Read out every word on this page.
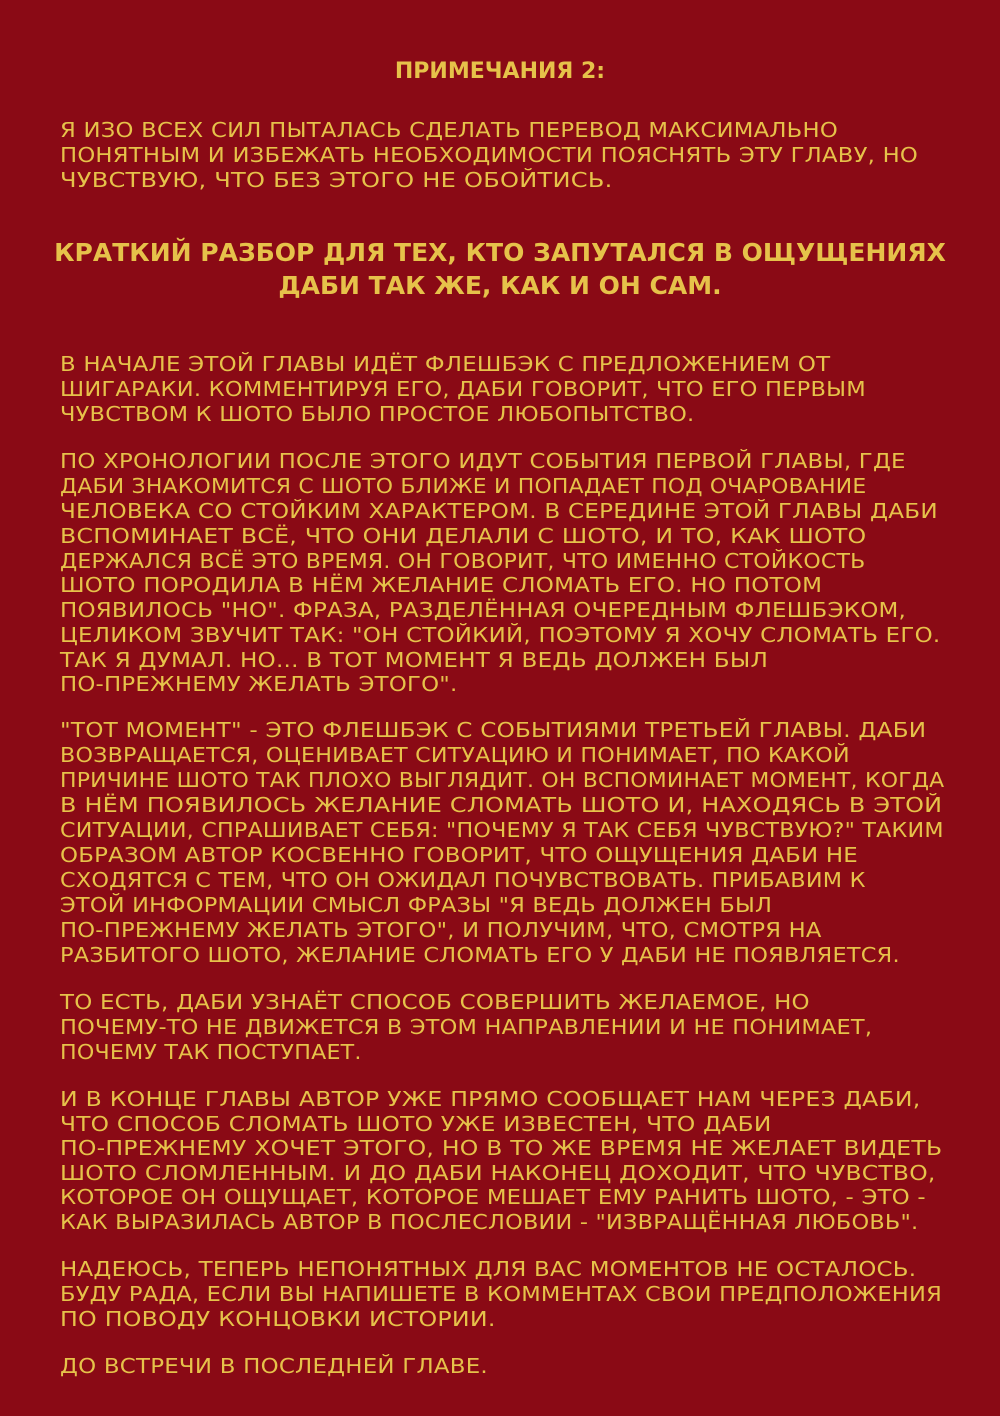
ПРИМЕЧАНИЯ 2:
Я ИЗО ВСЕХ СИЛ ПЫТАЛАСЬ СДЕЛАТЬ ПЕРЕВОД МАКСИМАЛЬНО
ПОНЯТНЫМ И ИЗБЕЖАТЬ НЕОБХОДИМОСТИ ПОЯСНЯТЬ ЭТУ ГЛАВУ, НО
ЧУВСТВУЮ, ЧТО БЕЗ ЭТОГО НЕ ОБОЙТИСЬ.
КРАТКИЙ РАЗБОР ДЛЯ ТЕХ, КТО ЗАПУТАЛСЯ В ОЩУЩЕНИЯХ
ДАБИ ТАК ЖЕ, КАК И ОН САМ.
В НАЧАЛЕ ЭТОЙ ГЛАВЫ ИДЁТ ФЛЕШБЭК С ПРЕДЛОЖЕНИЕМ ОТ
ШИГАРАКИ. КОММЕНТИРУЯ ЕГО, ДАБИ ГОВОРИТ, ЧТО ЕГО ПЕРВЫМ
ЧУВСТВОМ К ШОТО БЫЛО ПРОСТОЕ ЛЮБОПЫТСТВО.
ПО ХРОНОЛОГИИ ПОСЛЕ ЭТОГО ИДУТ СОБЫТИЯ ПЕРВОЙ ГЛАВЫ, ГДЕ
ДАБИ ЗНАКОМИТСЯ С ШОТО БЛИЖЕ И ПОПАДАЕТ ПОД ОЧАРОВАНИЕ
ЧЕЛОВЕКА СО СТОЙКИМ ХАРАКТЕРОМ. В СЕРЕДИНЕ ЭТОЙ ГЛАВЫ ДАБИ
ВСПОМИНАЕТ ВСЁ, ЧТО ОНИ ДЕЛАЛИ С ШОТО, И ТО, КАК ШОТО
ДЕРЖАЛСЯ ВСЁ ЭТО ВРЕМЯ. ОН ГОВОРИТ, ЧТО ИМЕННО СТОЙКОСТЬ
ШОТО ПОРОДИЛА В НЁМ ЖЕЛАНИЕ СЛОМАТЬ ЕГО. НО ПОТОМ
ПОЯВИЛОСЬ "НО". ФРАЗА, РАЗДЕЛЁННАЯ ОЧЕРЕДНЫМ ФЛЕШБЭКОМ,
ЦЕЛИКОМ ЗВУЧИТ ТАК: "ОН СТОЙКИЙ, ПОЭТОМУ Я ХОЧУ СЛОМАТЬ ЕГО.
ТАК Я ДУМАЛ. НО... В ТОТ МОМЕНТ Я ВЕДЬ ДОЛЖЕН БЫЛ
ПО-ПРЕЖНЕМУ ЖЕЛАТЬ ЭТОГО".
"ТОТ МОМЕНТ" - ЭТО ФЛЕШБЭК С СОБЫТИЯМИ ТРЕТЬЕЙ ГЛАВЫ. ДАБИ
ВОЗВРАЩАЕТСЯ, ОЦЕНИВАЕТ СИТУАЦИЮ И ПОНИМАЕТ, ПО КАКОЙ
ПРИЧИНЕ ШОТО ТАК ПЛОХО ВЫГЛЯДИТ. ОН ВСПОМИНАЕТ МОМЕНТ, КОГДА
В НЁМ ПОЯВИЛОСЬ ЖЕЛАНИЕ СЛОМАТЬ ШОТО И, НАХОДЯСЬ В ЭТОЙ
СИТУАЦИИ, СПРАШИВАЕТ СЕБЯ: "ПОЧЕМУ Я ТАК СЕБЯ ЧУВСТВУЮ?" ТАКИМ
ОБРАЗОМ АВТОР КОСВЕННО ГОВОРИТ, ЧТО ОЩУЩЕНИЯ ДАБИ НЕ
СХОДЯТСЯ С ТЕМ, ЧТО ОН ОЖИДАЛ ПОЧУВСТВОВАТЬ. ПРИБАВИМ К
ЭТОЙ ИНФОРМАЦИИ СМЫСЛ ФРАЗЫ "Я ВЕДЬ ДОЛЖЕН БЫЛ
ПО-ПРЕЖНЕМУ ЖЕЛАТЬ ЭТОГО", И ПОЛУЧИМ, ЧТО, СМОТРЯ НА
РАЗБИТОГО ШОТО, ЖЕЛАНИЕ СЛОМАТЬ ЕГО У ДАБИ НЕ ПОЯВЛЯЕТСЯ.
ТО ЕСТЬ, ДАБИ УЗНАЁТ СПОСОБ СОВЕРШИТЬ ЖЕЛАЕМОЕ, НО
ПОЧЕМУ-ТО НЕ ДВИЖЕТСЯ В ЭТОМ НАПРАВЛЕНИИ И НЕ ПОНИМАЕТ,
ПОЧЕМУ ТАК ПОСТУПАЕТ.
И В КОНЦЕ ГЛАВЫ АВТОР УЖЕ ПРЯМО СООБЩАЕТ НАМ ЧЕРЕЗ ДАБИ,
ЧТО СПОСОБ СЛОМАТЬ ШОТО УЖЕ ИЗВЕСТЕН, ЧТО ДАБИ
ПО-ПРЕЖНЕМУ ХОЧЕТ ЭТОГО, НО В ТО ЖЕ ВРЕМЯ НЕ ЖЕЛАЕТ ВИДЕТЬ
ШОТО СЛОМЛЕННЫМ. И ДО ДАБИ НАКОНЕЦ ДОХОДИТ, ЧТО ЧУВСТВО,
КОТОРОЕ ОН ОЩУЩАЕТ, КОТОРОЕ МЕШАЕТ ЕМУ РАНИТЬ ШОТО, - ЭТО -
КАК ВЫРАЗИЛАСЬ АВТОР В ПОСЛЕСЛОВИИ - "ИЗВРАЩЁННАЯ ЛЮБОВЬ".
НАДЕЮСЬ, ТЕПЕРЬ НЕПОНЯТНЫХ ДЛЯ ВАС МОМЕНТОВ НЕ ОСТАЛОСЬ.
БУДУ РАДА, ЕСЛИ ВЫ НАПИШЕТЕ В КОММЕНТАХ СВОИ ПРЕДПОЛОЖЕНИЯ
ПО ПОВОДУ КОНЦОВКИ ИСТОРИИ.
ДО ВСТРЕЧИ В ПОСЛЕДНЕЙ ГЛАВЕ.
